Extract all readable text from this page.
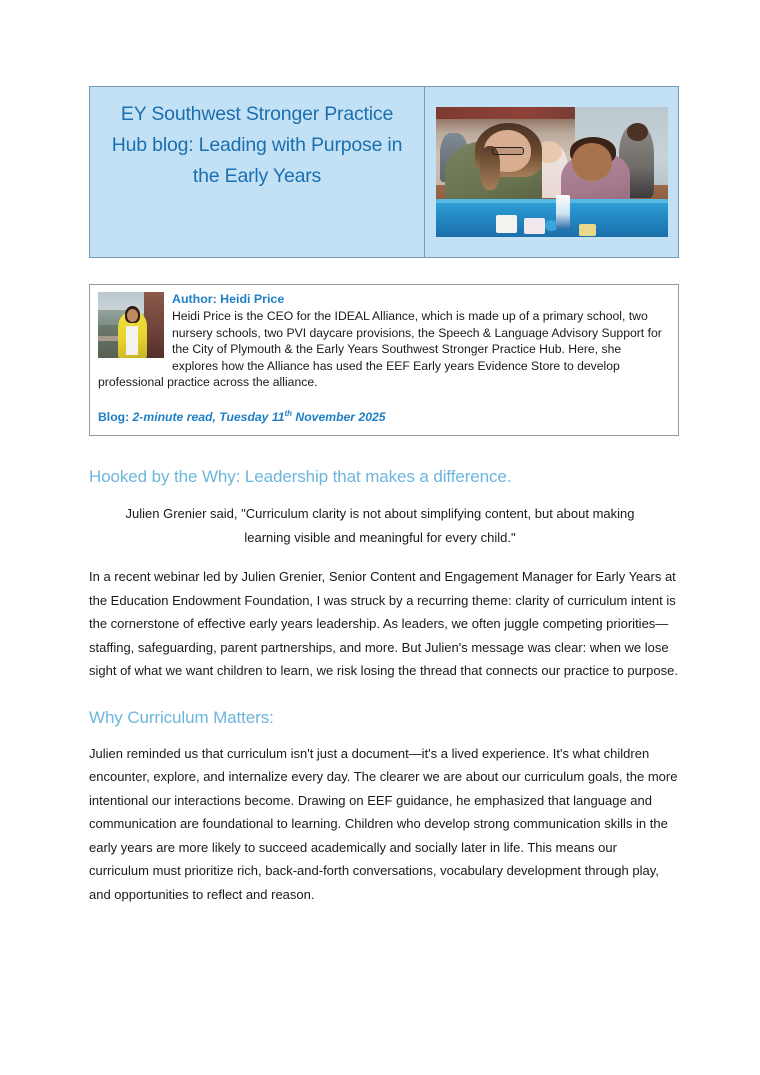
EY Southwest Stronger Practice Hub blog: Leading with Purpose in the Early Years
Author: Heidi Price
Heidi Price is the CEO for the IDEAL Alliance, which is made up of a primary school, two nursery schools, two PVI daycare provisions, the Speech & Language Advisory Support for the City of Plymouth & the Early Years Southwest Stronger Practice Hub. Here, she explores how the Alliance has used the EEF Early years Evidence Store to develop professional practice across the alliance.
Blog: 2-minute read, Tuesday 11th November 2025
Hooked by the Why: Leadership that makes a difference.
Julien Grenier said, "Curriculum clarity is not about simplifying content, but about making learning visible and meaningful for every child."

In a recent webinar led by Julien Grenier, Senior Content and Engagement Manager for Early Years at the Education Endowment Foundation, I was struck by a recurring theme: clarity of curriculum intent is the cornerstone of effective early years leadership. As leaders, we often juggle competing priorities—staffing, safeguarding, parent partnerships, and more. But Julien's message was clear: when we lose sight of what we want children to learn, we risk losing the thread that connects our practice to purpose.

Why Curriculum Matters:

Julien reminded us that curriculum isn't just a document—it's a lived experience. It's what children encounter, explore, and internalize every day. The clearer we are about our curriculum goals, the more intentional our interactions become. Drawing on EEF guidance, he emphasized that language and communication are foundational to learning. Children who develop strong communication skills in the early years are more likely to succeed academically and socially later in life. This means our curriculum must prioritize rich, back-and-forth conversations, vocabulary development through play, and opportunities to reflect and reason.
